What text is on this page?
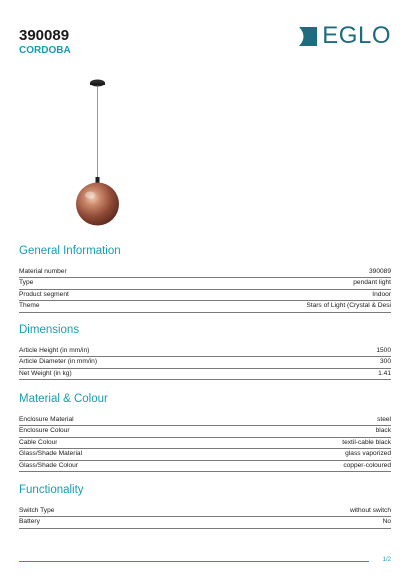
390089
CORDOBA
EGLO
General Information
Material number	390089
Type	pendant light
Product segment	Indoor
Theme	Stars of Light (Crystal & Desi
Dimensions
Article Height (in mm/in)	1500
Article Diameter (in mm/in)	300
Net Weight (in kg)	1.41
Material & Colour
Enclosure Material	steel
Enclosure Colour	black
Cable Colour	textil-cable black
Glass/Shade Material	glass vaporized
Glass/Shade Colour	copper-coloured
Functionality
Switch Type	without switch
Battery	No
1/2
